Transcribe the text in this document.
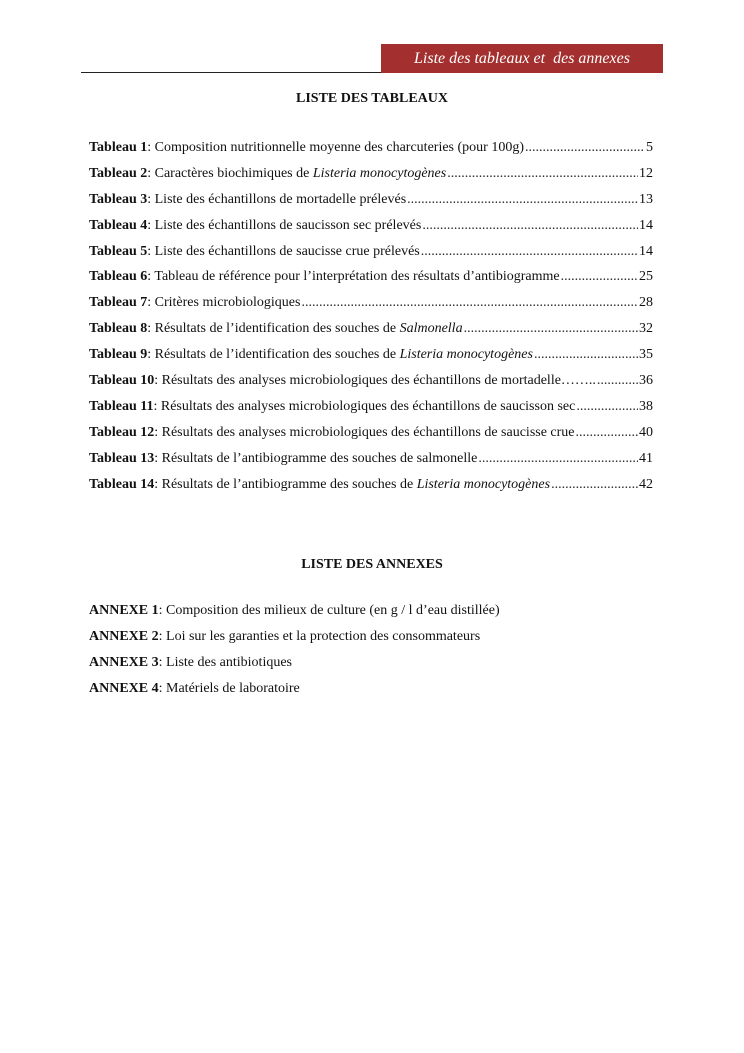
Liste des tableaux et  des annexes
LISTE DES TABLEAUX
Tableau 1: Composition nutritionnelle moyenne des charcuteries (pour 100g) .....	5
Tableau 2: Caractères biochimiques de Listeria monocytogènes .....	12
Tableau 3: Liste des échantillons de mortadelle prélevés .....	13
Tableau 4: Liste des échantillons de saucisson sec prélevés .....	14
Tableau 5: Liste des échantillons de saucisse crue prélevés .....	14
Tableau 6: Tableau de référence pour l’interprétation des résultats d’antibiogramme .....	25
Tableau 7: Critères microbiologiques .....	28
Tableau 8: Résultats de l’identification des souches de Salmonella .....	32
Tableau 9: Résultats de l’identification des souches de Listeria monocytogènes .....	35
Tableau 10: Résultats des analyses microbiologiques des échantillons de mortadelle…….. .....	36
Tableau 11: Résultats des analyses microbiologiques des échantillons de saucisson sec .....	38
Tableau 12: Résultats des analyses microbiologiques des échantillons de saucisse crue .....	40
Tableau 13: Résultats de l’antibiogramme des souches de salmonelle .....	41
Tableau 14: Résultats de l’antibiogramme des souches de Listeria monocytogènes .....	42
LISTE DES ANNEXES
ANNEXE 1: Composition des milieux de culture (en g / l d’eau distillée)
ANNEXE 2: Loi sur les garanties et la protection des consommateurs
ANNEXE 3: Liste des antibiotiques
ANNEXE 4: Matériels de laboratoire
